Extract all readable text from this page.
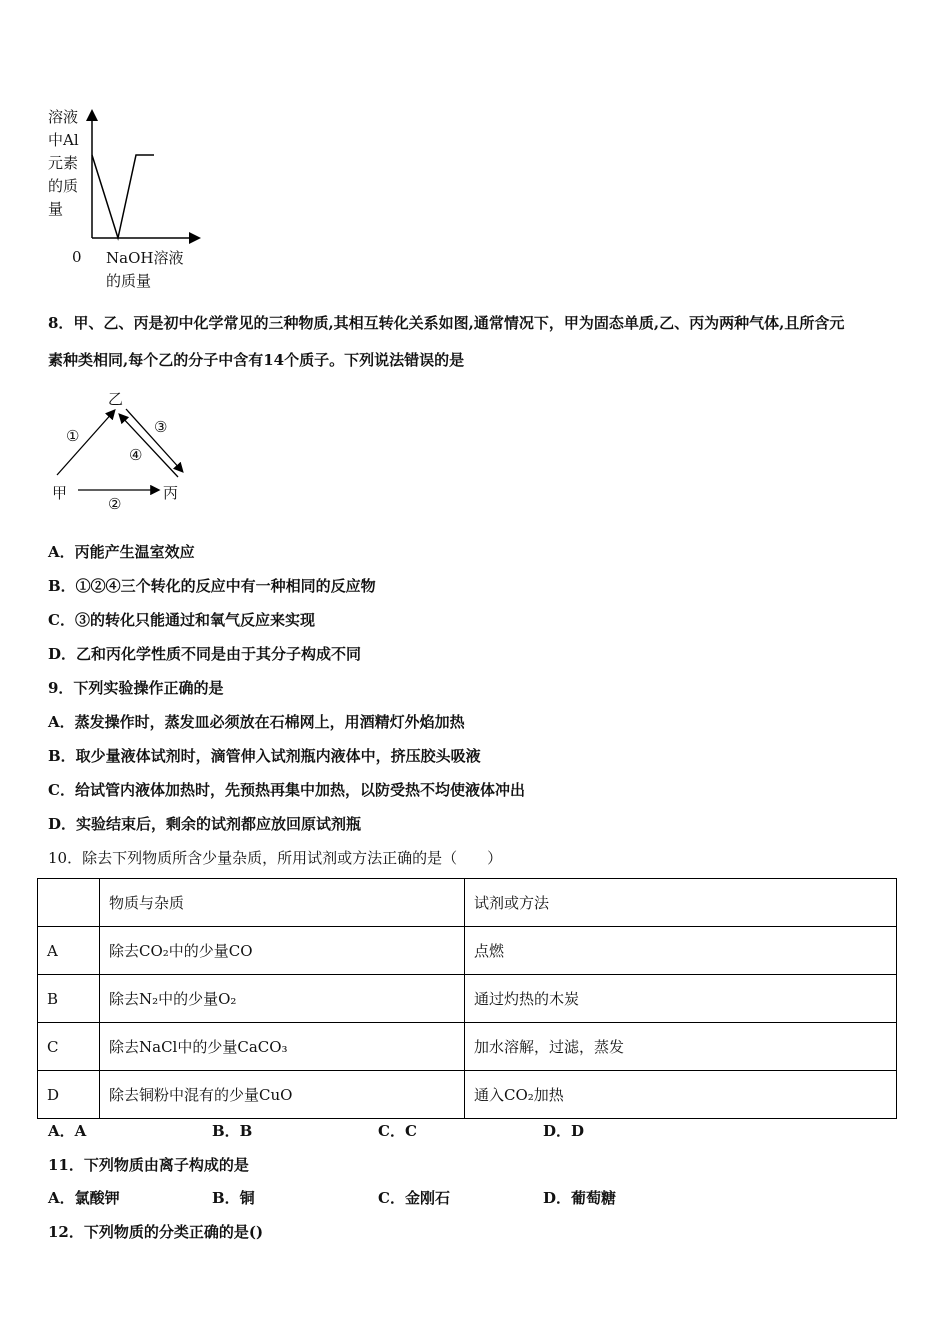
溶液
中Al
元素
的质
量
0 NaOH溶液
的质量
8．甲、乙、丙是初中化学常见的三种物质,其相互转化关系如图,通常情况下，甲为固态单质,乙、丙为两种气体,且所含元
素种类相同,每个乙的分子中含有14个质子。下列说法错误的是
乙
甲	丙
①	③
④
②
A．丙能产生温室效应
B．①②④三个转化的反应中有一种相同的反应物
C．③的转化只能通过和氧气反应来实现
D．乙和丙化学性质不同是由于其分子构成不同
9．下列实验操作正确的是
A．蒸发操作时，蒸发皿必须放在石棉网上，用酒精灯外焰加热
B．取少量液体试剂时，滴管伸入试剂瓶内液体中，挤压胶头吸液
C．给试管内液体加热时，先预热再集中加热，以防受热不均使液体冲出
D．实验结束后，剩余的试剂都应放回原试剂瓶
10．除去下列物质所含少量杂质，所用试剂或方法正确的是（　　）
	物质与杂质	试剂或方法
A	除去CO₂中的少量CO	点燃
B	除去N₂中的少量O₂	通过灼热的木炭
C	除去NaCl中的少量CaCO₃	加水溶解，过滤，蒸发
D	除去铜粉中混有的少量CuO	通入CO₂加热
A．A	B．B	C．C	D．D
11．下列物质由离子构成的是
A．氯酸钾	B．铜	C．金刚石	D．葡萄糖
12．下列物质的分类正确的是()
